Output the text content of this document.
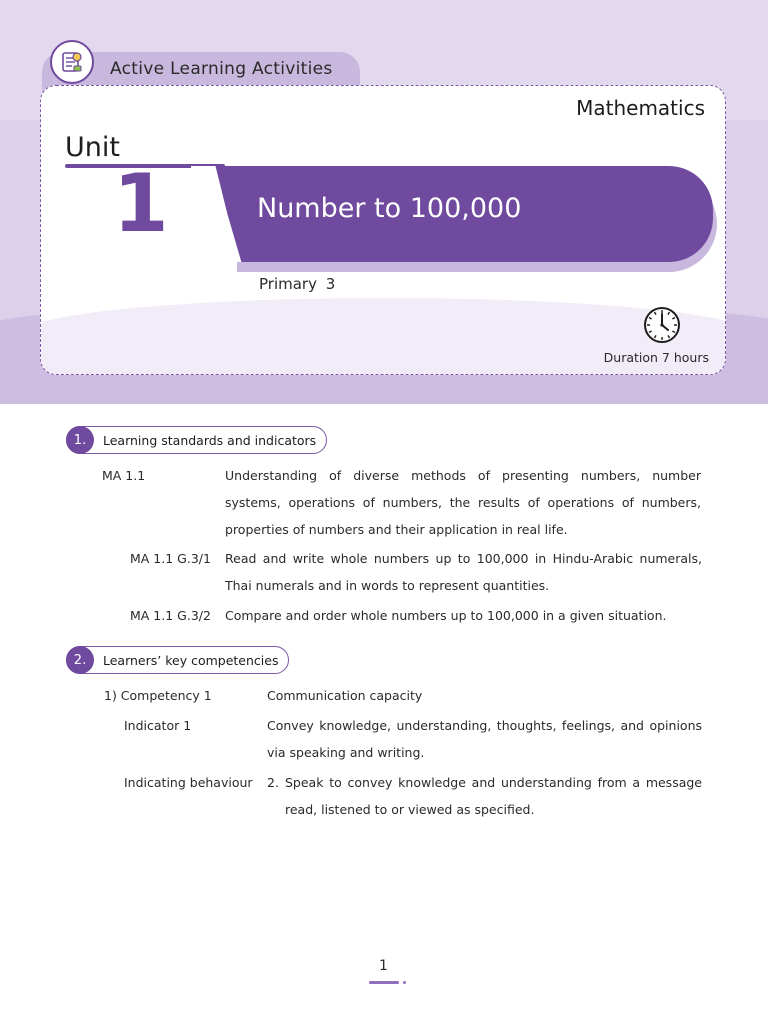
Active Learning Activities
Mathematics
Unit
1	Number to 100,000
Primary 3
Duration 7 hours
Learning standards and indicators
1.
MA 1.1	Understanding of diverse methods of presenting numbers, number systems, operations of numbers, the results of operations of numbers, properties of numbers and their application in real life.
MA 1.1 G.3/1 Read and write whole numbers up to 100,000 in Hindu-Arabic numerals, Thai numerals and in words to represent quantities.
MA 1.1 G.3/2 Compare and order whole numbers up to 100,000 in a given situation.
Learners’ key competencies
2.
1) Competency 1	Communication capacity
Indicator 1	Convey knowledge, understanding, thoughts, feelings, and opinions via speaking and writing.
Indicating behaviour 2. Speak to convey knowledge and understanding from a message read, listened to or viewed as specified.
1
